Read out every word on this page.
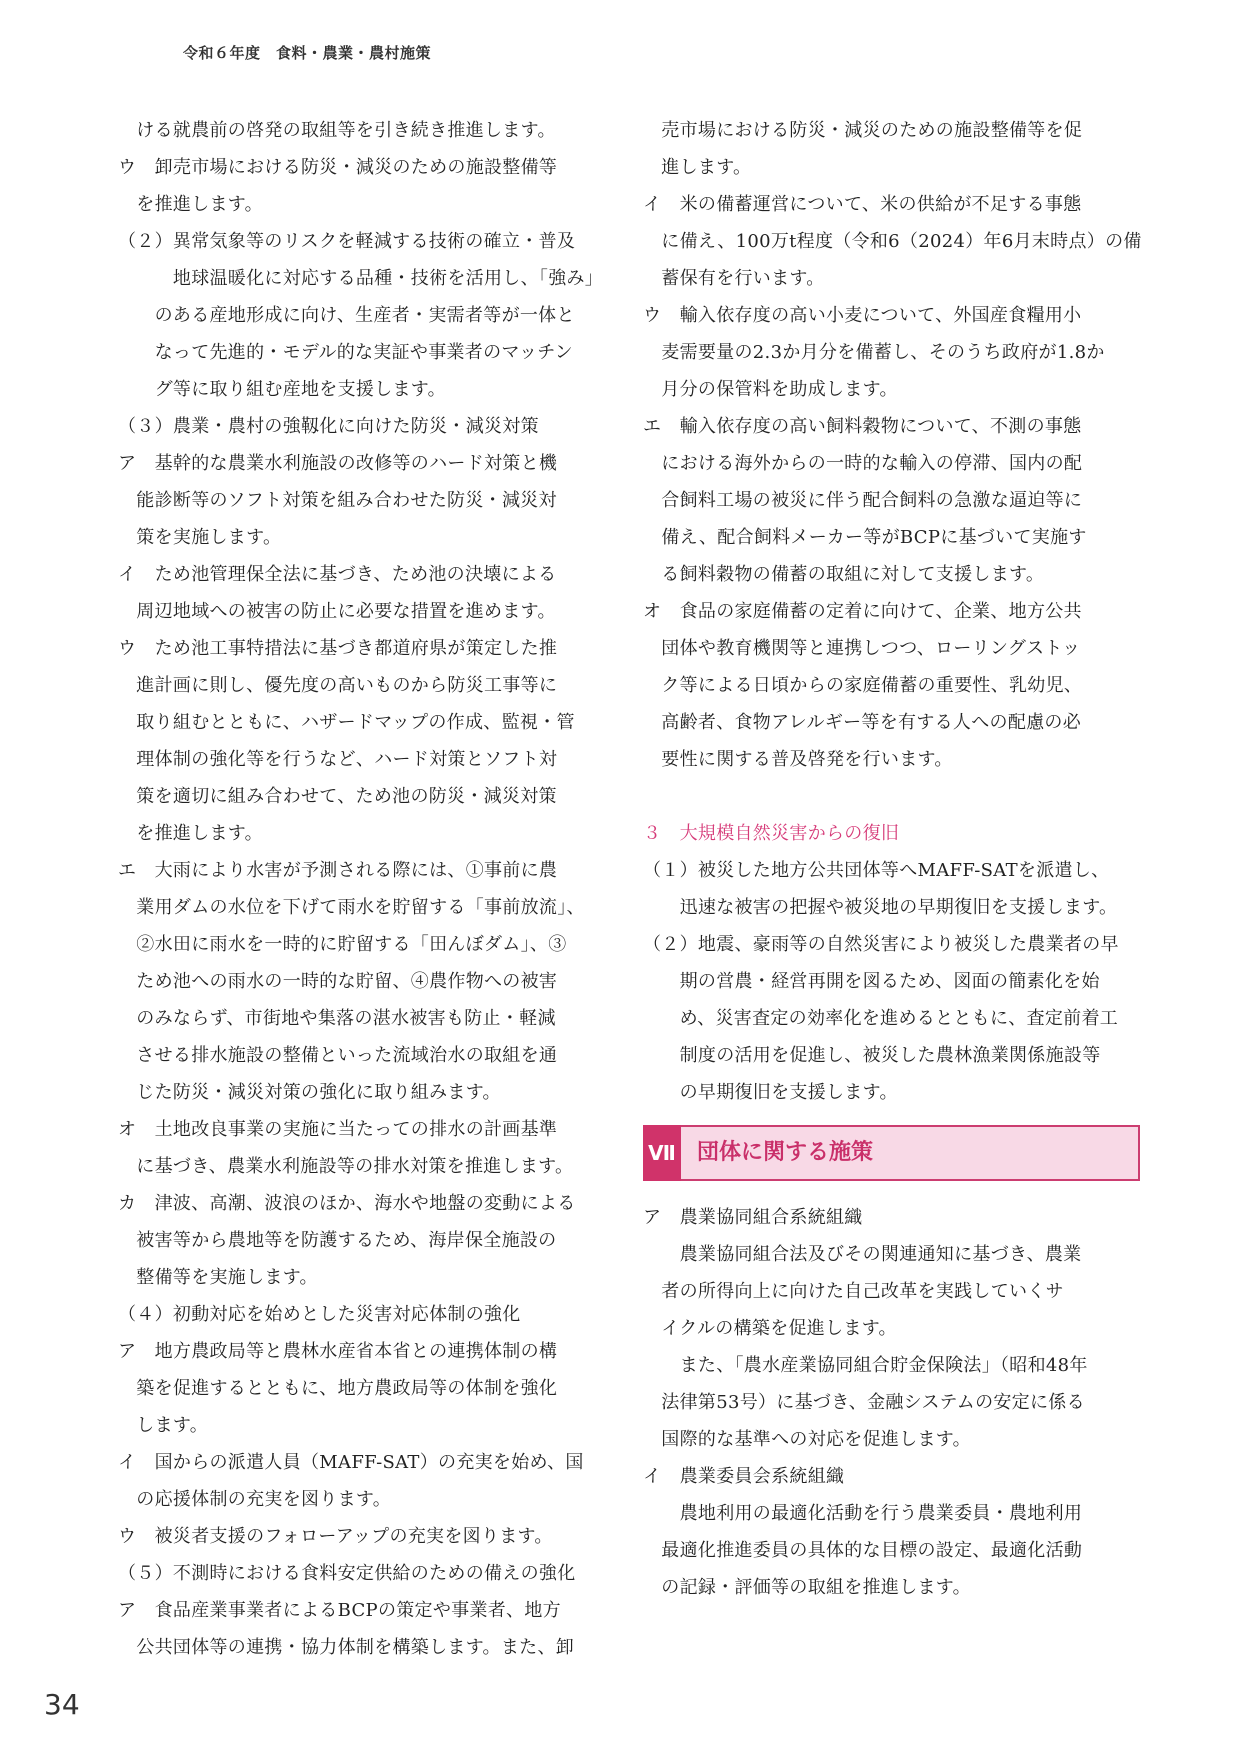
令和６年度　食料・農業・農村施策
　ける就農前の啓発の取組等を引き続き推進します。
ウ　卸売市場における防災・減災のための施設整備等
　を推進します。
（２）異常気象等のリスクを軽減する技術の確立・普及
　　　地球温暖化に対応する品種・技術を活用し、「強み」
　　のある産地形成に向け、生産者・実需者等が一体と
　　なって先進的・モデル的な実証や事業者のマッチン
　　グ等に取り組む産地を支援します。
（３）農業・農村の強靱化に向けた防災・減災対策
ア　基幹的な農業水利施設の改修等のハード対策と機
　能診断等のソフト対策を組み合わせた防災・減災対
　策を実施します。
イ　ため池管理保全法に基づき、ため池の決壊による
　周辺地域への被害の防止に必要な措置を進めます。
ウ　ため池工事特措法に基づき都道府県が策定した推
　進計画に則し、優先度の高いものから防災工事等に
　取り組むとともに、ハザードマップの作成、監視・管
　理体制の強化等を行うなど、ハード対策とソフト対
　策を適切に組み合わせて、ため池の防災・減災対策
　を推進します。
エ　大雨により水害が予測される際には、①事前に農
　業用ダムの水位を下げて雨水を貯留する「事前放流」、
　②水田に雨水を一時的に貯留する「田んぼダム」、③
　ため池への雨水の一時的な貯留、④農作物への被害
　のみならず、市街地や集落の湛水被害も防止・軽減
　させる排水施設の整備といった流域治水の取組を通
　じた防災・減災対策の強化に取り組みます。
オ　土地改良事業の実施に当たっての排水の計画基準
　に基づき、農業水利施設等の排水対策を推進します。
カ　津波、高潮、波浪のほか、海水や地盤の変動による
　被害等から農地等を防護するため、海岸保全施設の
　整備等を実施します。
（４）初動対応を始めとした災害対応体制の強化
ア　地方農政局等と農林水産省本省との連携体制の構
　築を促進するとともに、地方農政局等の体制を強化
　します。
イ　国からの派遣人員（MAFF-SAT）の充実を始め、国
　の応援体制の充実を図ります。
ウ　被災者支援のフォローアップの充実を図ります。
（５）不測時における食料安定供給のための備えの強化
ア　食品産業事業者によるBCPの策定や事業者、地方
　公共団体等の連携・協力体制を構築します。また、卸
　売市場における防災・減災のための施設整備等を促
　進します。
イ　米の備蓄運営について、米の供給が不足する事態
　に備え、100万t程度（令和6（2024）年6月末時点）の備
　蓄保有を行います。
ウ　輸入依存度の高い小麦について、外国産食糧用小
　麦需要量の2.3か月分を備蓄し、そのうち政府が1.8か
　月分の保管料を助成します。
エ　輸入依存度の高い飼料穀物について、不測の事態
　における海外からの一時的な輸入の停滞、国内の配
　合飼料工場の被災に伴う配合飼料の急激な逼迫等に
　備え、配合飼料メーカー等がBCPに基づいて実施す
　る飼料穀物の備蓄の取組に対して支援します。
オ　食品の家庭備蓄の定着に向けて、企業、地方公共
　団体や教育機関等と連携しつつ、ローリングストッ
　ク等による日頃からの家庭備蓄の重要性、乳幼児、
　高齢者、食物アレルギー等を有する人への配慮の必
　要性に関する普及啓発を行います。
３　大規模自然災害からの復旧
（１）被災した地方公共団体等へMAFF-SATを派遣し、
　　迅速な被害の把握や被災地の早期復旧を支援します。
（２）地震、豪雨等の自然災害により被災した農業者の早
　　期の営農・経営再開を図るため、図面の簡素化を始
　　め、災害査定の効率化を進めるとともに、査定前着工
　　制度の活用を促進し、被災した農林漁業関係施設等
　　の早期復旧を支援します。
Ⅶ 団体に関する施策
ア　農業協同組合系統組織
　　農業協同組合法及びその関連通知に基づき、農業
　者の所得向上に向けた自己改革を実践していくサ
　イクルの構築を促進します。
　　また、「農水産業協同組合貯金保険法」（昭和48年
　法律第53号）に基づき、金融システムの安定に係る
　国際的な基準への対応を促進します。
イ　農業委員会系統組織
　　農地利用の最適化活動を行う農業委員・農地利用
　最適化推進委員の具体的な目標の設定、最適化活動
　の記録・評価等の取組を推進します。
34
